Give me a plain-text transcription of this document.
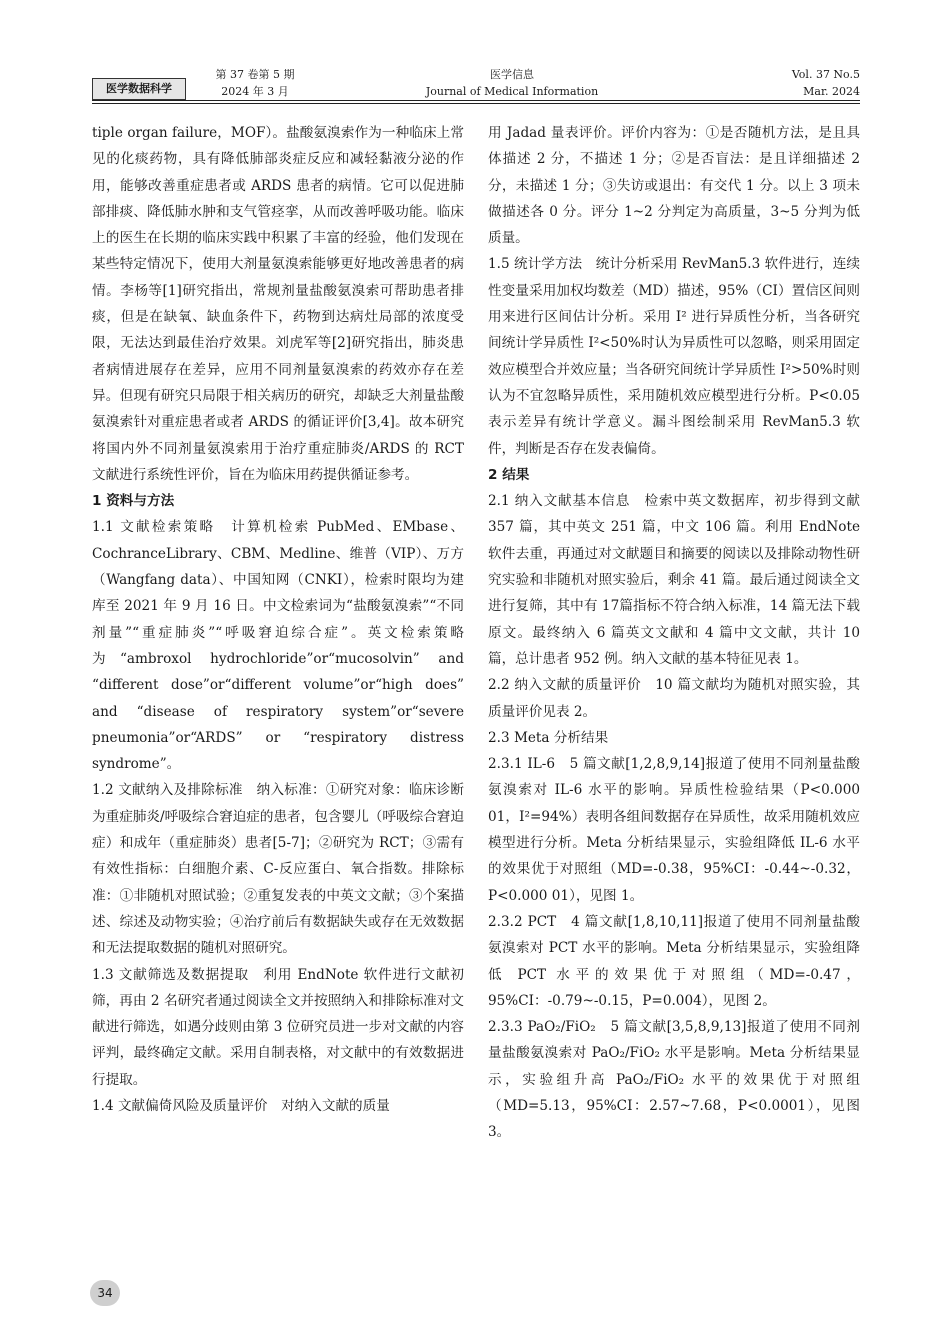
医学数据科学
第 37 卷第 5 期
2024 年 3 月
医学信息
Journal of Medical Information
Vol. 37 No.5
Mar. 2024

tiple organ failure，MOF）。盐酸氨溴索作为一种临床上常见的化痰药物，具有降低肺部炎症反应和减轻黏液分泌的作用，能够改善重症患者或 ARDS 患者的病情。它可以促进肺部排痰、降低肺水肿和支气管痉挛，从而改善呼吸功能。临床上的医生在长期的临床实践中积累了丰富的经验，他们发现在某些特定情况下，使用大剂量氨溴索能够更好地改善患者的病情。李杨等[1]研究指出，常规剂量盐酸氨溴索可帮助患者排痰，但是在缺氧、缺血条件下，药物到达病灶局部的浓度受限，无法达到最佳治疗效果。刘虎军等[2]研究指出，肺炎患者病情进展存在差异，应用不同剂量氨溴索的药效亦存在差异。但现有研究只局限于相关病历的研究，却缺乏大剂量盐酸氨溴索针对重症患者或者 ARDS 的循证评价[3,4]。故本研究将国内外不同剂量氨溴索用于治疗重症肺炎/ARDS 的 RCT 文献进行系统性评价，旨在为临床用药提供循证参考。

1 资料与方法

1.1 文献检索策略　计算机检索 PubMed、EMbase、CochranceLibrary、CBM、Medline、维普（VIP）、万方（Wangfang data）、中国知网（CNKI），检索时限均为建库至 2021 年 9 月 16 日。中文检索词为“盐酸氨溴索”“不同剂量”“重症肺炎”“呼吸窘迫综合症”。英文检索策略为“ambroxol hydrochloride”or“mucosolvin” and “different dose”or“different volume”or“high does” and “disease of respiratory system”or“severe pneumonia”or“ARDS” or “respiratory distress syndrome”。

1.2 文献纳入及排除标准　纳入标准：①研究对象：临床诊断为重症肺炎/呼吸综合窘迫症的患者，包含婴儿（呼吸综合窘迫症）和成年（重症肺炎）患者[5-7]；②研究为 RCT；③需有有效性指标：白细胞介素、C-反应蛋白、氧合指数。排除标准：①非随机对照试验；②重复发表的中英文文献；③个案描述、综述及动物实验；④治疗前后有数据缺失或存在无效数据和无法提取数据的随机对照研究。

1.3 文献筛选及数据提取　利用 EndNote 软件进行文献初筛，再由 2 名研究者通过阅读全文并按照纳入和排除标准对文献进行筛选，如遇分歧则由第 3 位研究员进一步对文献的内容评判，最终确定文献。采用自制表格，对文献中的有效数据进行提取。

1.4 文献偏倚风险及质量评价　对纳入文献的质量

用 Jadad 量表评价。评价内容为：①是否随机方法，是且具体描述 2 分，不描述 1 分；②是否盲法：是且详细描述 2 分，未描述 1 分；③失访或退出：有交代 1 分。以上 3 项未做描述各 0 分。评分 1~2 分判定为高质量，3~5 分判为低质量。

1.5 统计学方法　统计分析采用 RevMan5.3 软件进行，连续性变量采用加权均数差（MD）描述，95%（CI）置信区间则用来进行区间估计分析。采用 I² 进行异质性分析，当各研究间统计学异质性 I²<50%时认为异质性可以忽略，则采用固定效应模型合并效应量；当各研究间统计学异质性 I²>50%时则认为不宜忽略异质性，采用随机效应模型进行分析。P<0.05 表示差异有统计学意义。漏斗图绘制采用 RevMan5.3 软件，判断是否存在发表偏倚。

2 结果

2.1 纳入文献基本信息　检索中英文数据库，初步得到文献 357 篇，其中英文 251 篇，中文 106 篇。利用 EndNote 软件去重，再通过对文献题目和摘要的阅读以及排除动物性研究实验和非随机对照实验后，剩余 41 篇。最后通过阅读全文进行复筛，其中有 17篇指标不符合纳入标准，14 篇无法下载原文。最终纳入 6 篇英文文献和 4 篇中文文献，共计 10 篇，总计患者 952 例。纳入文献的基本特征见表 1。

2.2 纳入文献的质量评价　10 篇文献均为随机对照实验，其质量评价见表 2。

2.3 Meta 分析结果

2.3.1 IL-6　5 篇文献[1,2,8,9,14]报道了使用不同剂量盐酸氨溴索对 IL-6 水平的影响。异质性检验结果（P<0.000 01，I²=94%）表明各组间数据存在异质性，故采用随机效应模型进行分析。Meta 分析结果显示，实验组降低 IL-6 水平的效果优于对照组（MD=-0.38，95%CI：-0.44~-0.32，P<0.000 01），见图 1。

2.3.2 PCT　4 篇文献[1,8,10,11]报道了使用不同剂量盐酸氨溴索对 PCT 水平的影响。Meta 分析结果显示，实验组降低 PCT 水平的效果优于对照组（MD=-0.47，95%CI：-0.79~-0.15，P=0.004），见图 2。

2.3.3 PaO₂/FiO₂　5 篇文献[3,5,8,9,13]报道了使用不同剂量盐酸氨溴索对 PaO₂/FiO₂ 水平是影响。Meta 分析结果显示，实验组升高 PaO₂/FiO₂ 水平的效果优于对照组（MD=5.13，95%CI：2.57~7.68，P<0.0001），见图 3。

34
